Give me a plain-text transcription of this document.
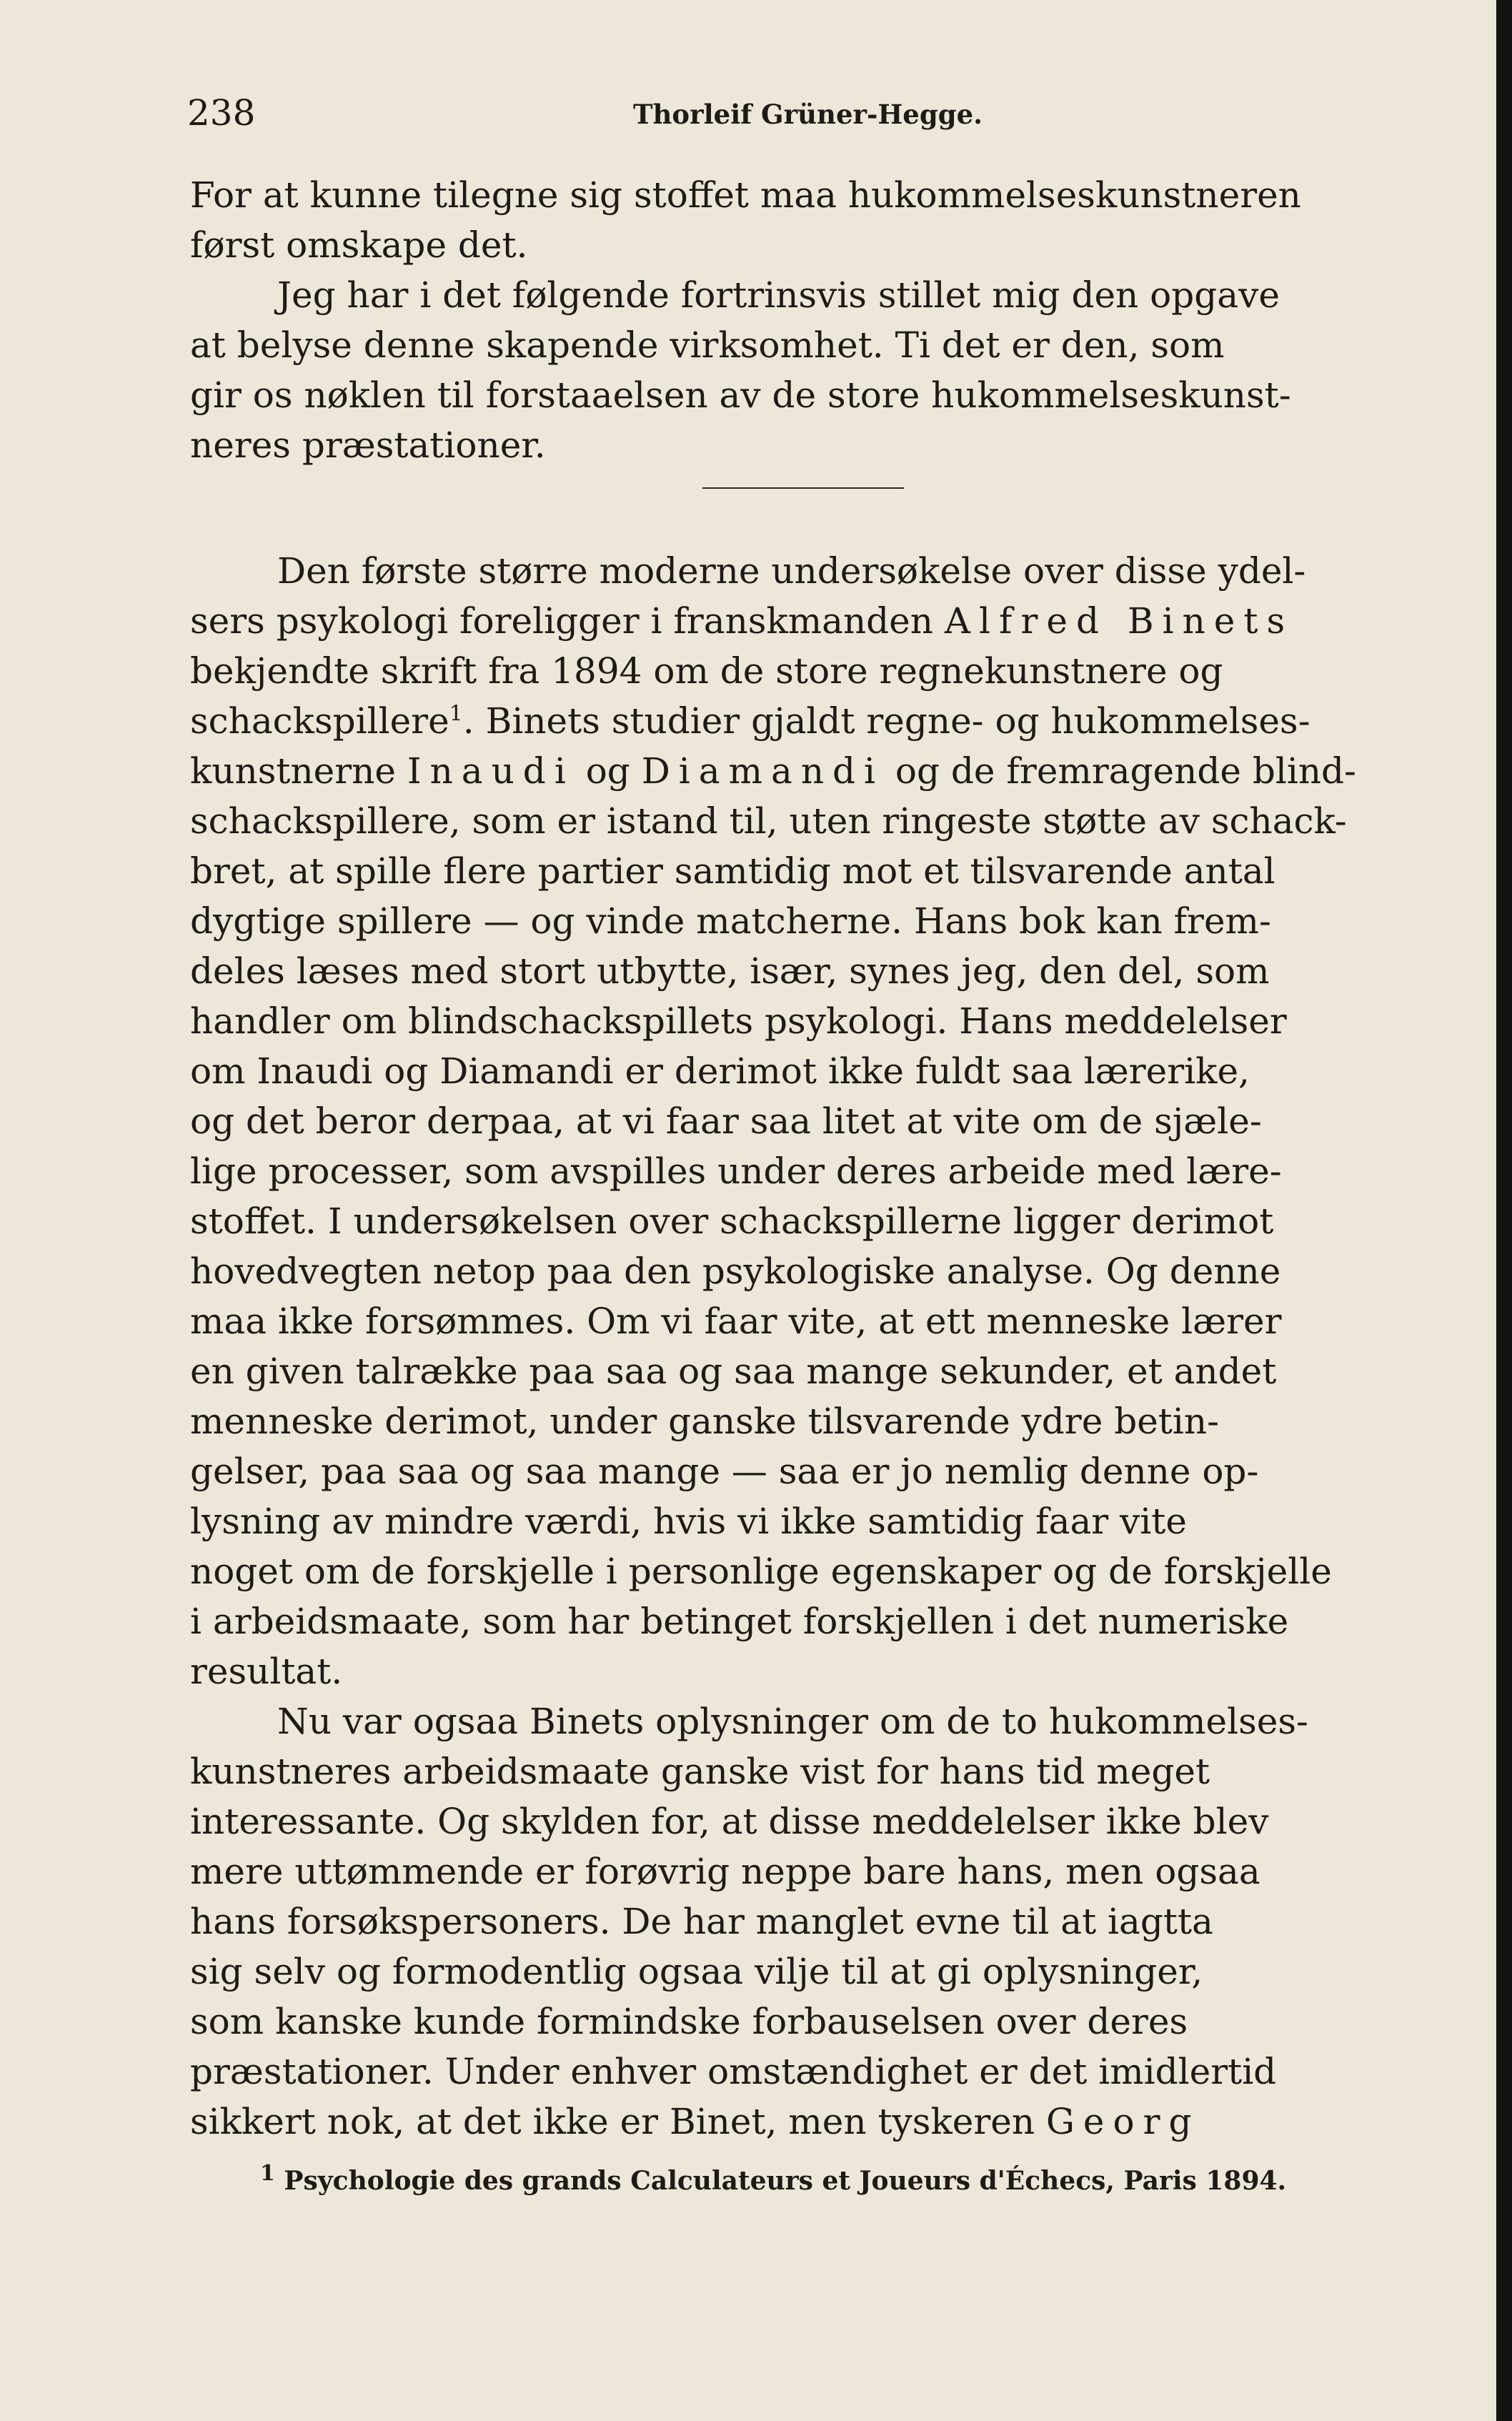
238	Thorleif Grüner-Hegge.
For at kunne tilegne sig stoffet maa hukommelseskunstneren
først omskape det.
Jeg har i det følgende fortrinsvis stillet mig den opgave
at belyse denne skapende virksomhet. Ti det er den, som
gir os nøklen til forstaaelsen av de store hukommelseskunst-
neres præstationer.
Den første større moderne undersøkelse over disse ydel-
sers psykologi foreligger i franskmanden Alfred Binets
bekjendte skrift fra 1894 om de store regnekunstnere og
schackspillere$^1$. Binets studier gjaldt regne- og hukommelses-
kunstnerne Inaudi og Diamandi og de fremragende blind-
schackspillere, som er istand til, uten ringeste støtte av schack-
bret, at spille flere partier samtidig mot et tilsvarende antal
dygtige spillere — og vinde matcherne. Hans bok kan frem-
deles læses med stort utbytte, især, synes jeg, den del, som
handler om blindschackspillets psykologi. Hans meddelelser
om Inaudi og Diamandi er derimot ikke fuldt saa lærerike,
og det beror derpaa, at vi faar saa litet at vite om de sjæle-
lige processer, som avspilles under deres arbeide med lære-
stoffet. I undersøkelsen over schackspillerne ligger derimot
hovedvegten netop paa den psykologiske analyse. Og denne
maa ikke forsømmes. Om vi faar vite, at ett menneske lærer
en given talrække paa saa og saa mange sekunder, et andet
menneske derimot, under ganske tilsvarende ydre betin-
gelser, paa saa og saa mange — saa er jo nemlig denne op-
lysning av mindre værdi, hvis vi ikke samtidig faar vite
noget om de forskjelle i personlige egenskaper og de forskjelle
i arbeidsmaate, som har betinget forskjellen i det numeriske
resultat.
Nu var ogsaa Binets oplysninger om de to hukommelses-
kunstneres arbeidsmaate ganske vist for hans tid meget
interessante. Og skylden for, at disse meddelelser ikke blev
mere uttømmende er forøvrig neppe bare hans, men ogsaa
hans forsøkspersoners. De har manglet evne til at iagtta
sig selv og formodentlig ogsaa vilje til at gi oplysninger,
som kanske kunde formindske forbauselsen over deres
præstationer. Under enhver omstændighet er det imidlertid
sikkert nok, at det ikke er Binet, men tyskeren Georg
$^1$ Psychologie des grands Calculateurs et Joueurs d'Échecs, Paris 1894.
